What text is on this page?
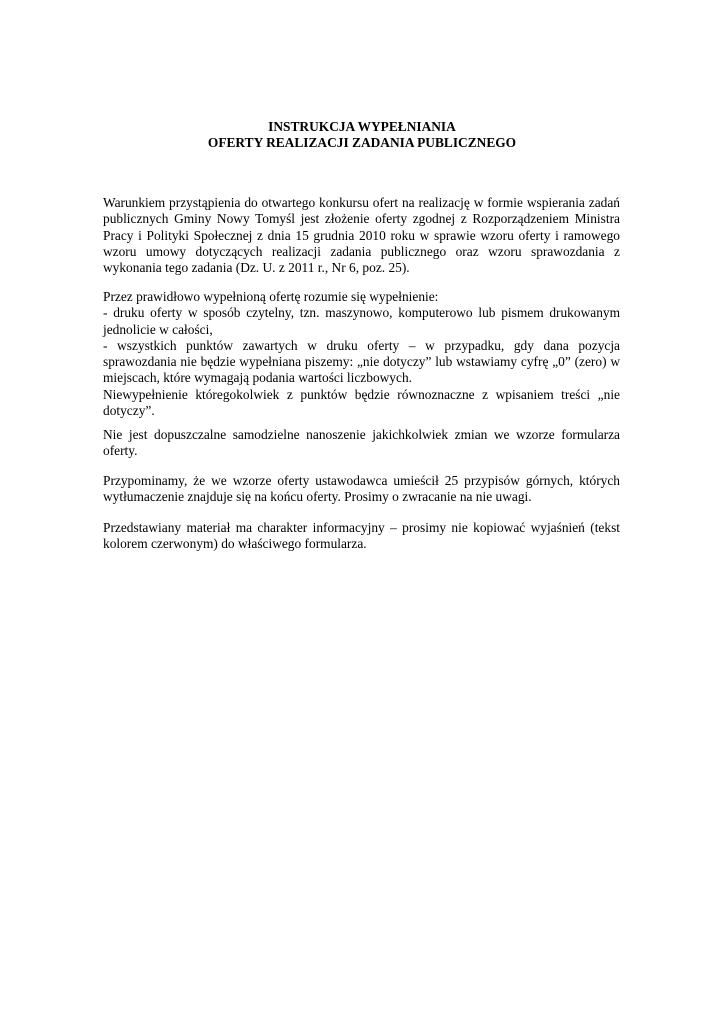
INSTRUKCJA WYPEŁNIANIA
OFERTY REALIZACJI ZADANIA PUBLICZNEGO
Warunkiem przystąpienia do otwartego konkursu ofert na realizację w formie wspierania zadań
publicznych Gminy Nowy Tomyśl jest złożenie oferty zgodnej z Rozporządzeniem Ministra
Pracy i Polityki Społecznej z dnia 15 grudnia 2010 roku w sprawie wzoru oferty i ramowego
wzoru umowy dotyczących realizacji zadania publicznego oraz wzoru sprawozdania z
wykonania tego zadania (Dz. U. z 2011 r., Nr 6, poz. 25).
Przez prawidłowo wypełnioną ofertę rozumie się wypełnienie:
- druku oferty w sposób czytelny, tzn. maszynowo, komputerowo lub pismem drukowanym
jednolicie w całości,
- wszystkich punktów zawartych w druku oferty – w przypadku, gdy dana pozycja
sprawozdania nie będzie wypełniana piszemy: „nie dotyczy” lub wstawiamy cyfrę „0” (zero) w
miejscach, które wymagają podania wartości liczbowych.
Niewypełnienie któregokolwiek z punktów będzie równoznaczne z wpisaniem treści „nie
dotyczy”.
Nie jest dopuszczalne samodzielne nanoszenie jakichkolwiek zmian we wzorze formularza
oferty.
Przypominamy, że we wzorze oferty ustawodawca umieścił 25 przypisów górnych, których
wytłumaczenie znajduje się na końcu oferty. Prosimy o zwracanie na nie uwagi.
Przedstawiany materiał ma charakter informacyjny – prosimy nie kopiować wyjaśnień (tekst
kolorem czerwonym) do właściwego formularza.
